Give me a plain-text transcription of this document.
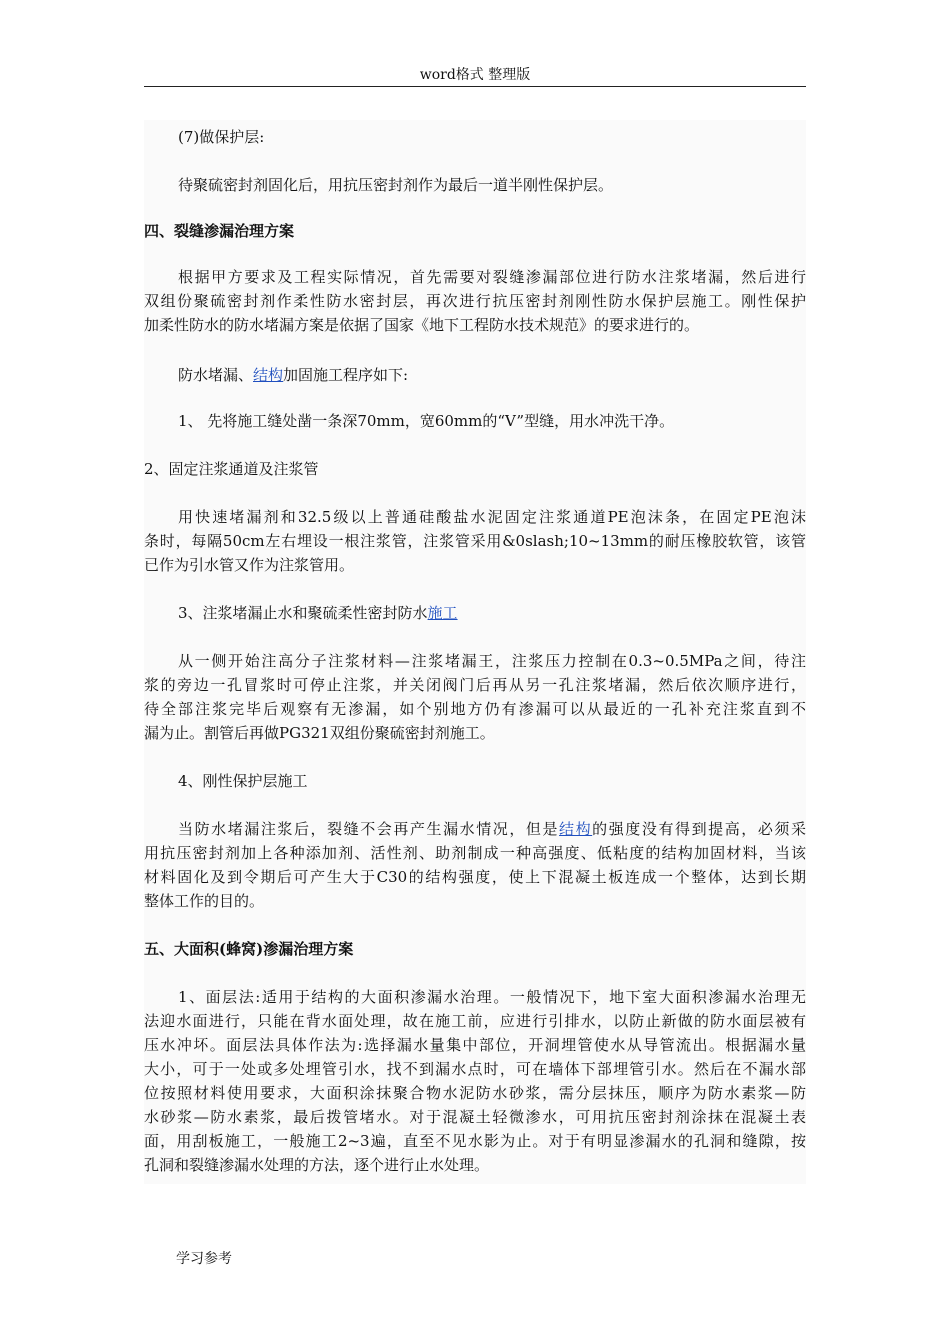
word格式 整理版
(7)做保护层:
待聚硫密封剂固化后，用抗压密封剂作为最后一道半刚性保护层。
四、裂缝渗漏治理方案
根据甲方要求及工程实际情况，首先需要对裂缝渗漏部位进行防水注浆堵漏，然后进行
双组份聚硫密封剂作柔性防水密封层，再次进行抗压密封剂刚性防水保护层施工。刚性保护
加柔性防水的防水堵漏方案是依据了国家《地下工程防水技术规范》的要求进行的。
防水堵漏、结构加固施工程序如下:
1、 先将施工缝处凿一条深70mm，宽60mm的“V”型缝，用水冲洗干净。
2、固定注浆通道及注浆管
用快速堵漏剂和32.5级以上普通硅酸盐水泥固定注浆通道PE泡沫条，在固定PE泡沫
条时，每隔50cm左右埋设一根注浆管，注浆管采用&0slash;10~13mm的耐压橡胶软管，该管
已作为引水管又作为注浆管用。
3、注浆堵漏止水和聚硫柔性密封防水施工
从一侧开始注高分子注浆材料—注浆堵漏王，注浆压力控制在0.3~0.5MPa之间，待注
浆的旁边一孔冒浆时可停止注浆，并关闭阀门后再从另一孔注浆堵漏，然后依次顺序进行，
待全部注浆完毕后观察有无渗漏，如个别地方仍有渗漏可以从最近的一孔补充注浆直到不
漏为止。割管后再做PG321双组份聚硫密封剂施工。
4、刚性保护层施工
当防水堵漏注浆后，裂缝不会再产生漏水情况，但是结构的强度没有得到提高，必须采
用抗压密封剂加上各种添加剂、活性剂、助剂制成一种高强度、低粘度的结构加固材料，当该
材料固化及到令期后可产生大于C30的结构强度，使上下混凝土板连成一个整体，达到长期
整体工作的目的。
五、大面积(蜂窝)渗漏治理方案
1、面层法:适用于结构的大面积渗漏水治理。一般情况下，地下室大面积渗漏水治理无
法迎水面进行，只能在背水面处理，故在施工前，应进行引排水，以防止新做的防水面层被有
压水冲坏。面层法具体作法为:选择漏水量集中部位，开洞埋管使水从导管流出。根据漏水量
大小，可于一处或多处埋管引水，找不到漏水点时，可在墙体下部埋管引水。然后在不漏水部
位按照材料使用要求，大面积涂抹聚合物水泥防水砂浆，需分层抹压，顺序为防水素浆—防
水砂浆—防水素浆，最后拨管堵水。对于混凝土轻微渗水，可用抗压密封剂涂抹在混凝土表
面，用刮板施工，一般施工2~3遍，直至不见水影为止。对于有明显渗漏水的孔洞和缝隙，按
孔洞和裂缝渗漏水处理的方法，逐个进行止水处理。
学习参考
